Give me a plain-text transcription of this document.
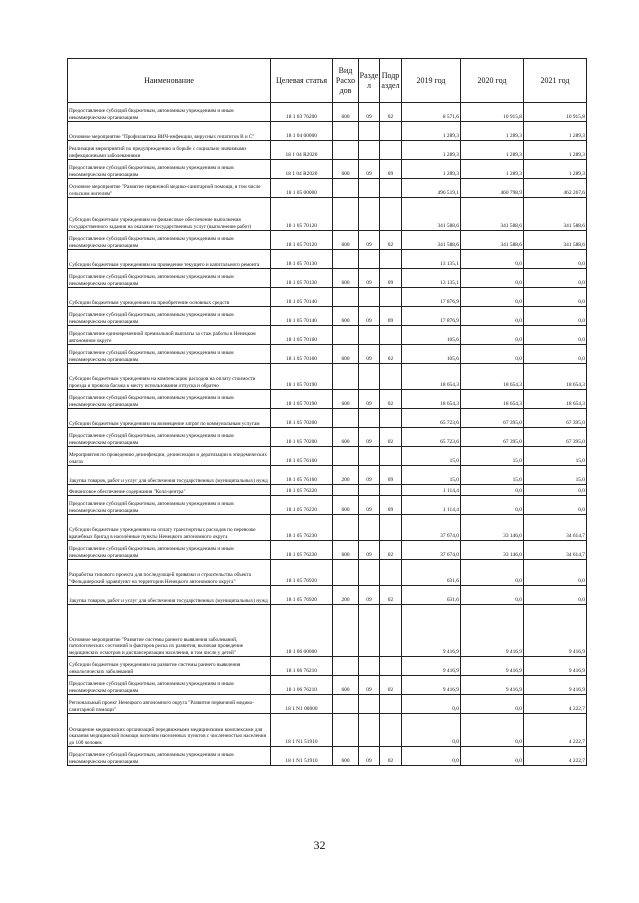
Наименование	Целевая статья	Вид Расхо дов	Разде л	Подр аздел	2019 год	2020 год	2021 год
Предоставление субсидий бюджетным, автономным учреждениям и иным некоммерческим организациям	18 1 03 76200	600	09	02	8 571,6	10 915,8	10 915,8
Основное мероприятие "Профилактика ВИЧ-инфекции, вирусных гепатитов В и С"	18 1 04 00000				1 289,3	1 289,3	1 289,3
Реализация мероприятий по предупреждению и борьбе с социально значимыми инфекционными заболеваниями	18 1 04 R2020				1 289,3	1 289,3	1 289,3
Предоставление субсидий бюджетным, автономным учреждениям и иным некоммерческим организациям	18 1 04 R2020	600	09	09	1 289,3	1 289,3	1 289,3
Основное мероприятие "Развитие первичной медико-санитарной помощи, в том числе сельским жителям"	18 1 05 00000				496 519,1	460 798,9	462 267,6
Субсидии бюджетным учреждениям на финансовое обеспечение выполнения государственного задания на оказание государственных услуг (выполнение работ)	18 1 05 70120				341 588,6	341 588,6	341 588,6
Предоставление субсидий бюджетным, автономным учреждениям и иным некоммерческим организациям	18 1 05 70120	600	09	02	341 588,6	341 588,6	341 588,6
Субсидии бюджетным учреждениям на проведение текущего и капитального ремонта	18 1 05 70130				13 135,1	0,0	0,0
Предоставление субсидий бюджетным, автономным учреждениям и иным некоммерческим организациям	18 1 05 70130	600	09	09	13 135,1	0,0	0,0
Субсидии бюджетным учреждениям на приобретение основных средств	18 1 05 70140				17 876,9	0,0	0,0
Предоставление субсидий бюджетным, автономным учреждениям и иным некоммерческим организациям	18 1 05 70140	600	09	09	17 876,9	0,0	0,0
Предоставление единовременной премиальной выплаты за стаж работы в Ненецком автономном округе	18 1 05 70160				105,6	0,0	0,0
Предоставление субсидий бюджетным, автономным учреждениям и иным некоммерческим организациям	18 1 05 70160	600	09	02	105,6	0,0	0,0
Субсидии бюджетным учреждениям на компенсацию расходов на оплату стоимости проезда и провоза багажа к месту использования отпуска и обратно	18 1 05 70190				18 654,3	18 654,3	18 654,3
Предоставление субсидий бюджетным, автономным учреждениям и иным некоммерческим организациям	18 1 05 70190	600	09	02	18 654,3	18 654,3	18 654,3
Субсидии бюджетным учреждениям на возмещение затрат по коммунальным услугам	18 1 05 70200				65 723,6	67 395,0	67 395,0
Предоставление субсидий бюджетным, автономным учреждениям и иным некоммерческим организациям	18 1 05 70200	600	09	02	65 723,6	67 395,0	67 395,0
Мероприятия по проведению дезинфекции, дезинсекции и дератизации в эпидемических очагах	18 1 05 76160				15,0	15,0	15,0
Закупка товаров, работ и услуг для обеспечения государственных (муниципальных) нужд	18 1 05 76160	200	09	09	15,0	15,0	15,0
Финансовое обеспечение содержания "Колл-центра"	18 1 05 76220				1 114,4	0,0	0,0
Предоставление субсидий бюджетным, автономным учреждениям и иным некоммерческим организациям	18 1 05 76220	600	09	09	1 114,4	0,0	0,0
Субсидии бюджетным учреждениям на оплату транспортных расходов по перевозке врачебных бригад в населённые пункты Ненецкого автономного округа	18 1 05 76230				37 674,0	33 146,0	34 614,7
Предоставление субсидий бюджетным, автономным учреждениям и иным некоммерческим организациям	18 1 05 76230	600	09	02	37 674,0	33 146,0	34 614,7
Разработка типового проекта для последующей привязки и строительства объекта "Фельдшерский здравпункт на территории Ненецкого автономного округа"	18 1 05 76920				631,6	0,0	0,0
Закупка товаров, работ и услуг для обеспечения государственных (муниципальных) нужд	18 1 05 76920	200	09	02	631,6	0,0	0,0
Основное мероприятие "Развитие системы раннего выявления заболеваний, патологических состояний и факторов риска их развития, включая проведение медицинских осмотров и диспансеризации населения, в том числе у детей"	18 1 06 00000				9 416,9	9 416,9	9 416,9
Субсидии бюджетным учреждениям на развитие системы раннего выявления онкологических заболеваний	18 1 06 76210				9 416,9	9 416,9	9 416,9
Предоставление субсидий бюджетным, автономным учреждениям и иным некоммерческим организациям	18 1 06 76210	600	09	02	9 416,9	9 416,9	9 416,9
Региональный проект Ненецкого автономного округа "Развитие первичной медико-санитарной помощи"	18 1 N1 00000				0,0	0,0	4 222,7
Оснащение медицинских организаций передвижными медицинскими комплексами для оказания медицинской помощи жителям населенных пунктов с численностью населения до 100 человек	18 1 N1 51910				0,0	0,0	4 222,7
Предоставление субсидий бюджетным, автономным учреждениям и иным некоммерческим организациям	18 1 N1 51910	600	09	02	0,0	0,0	4 222,7
32
